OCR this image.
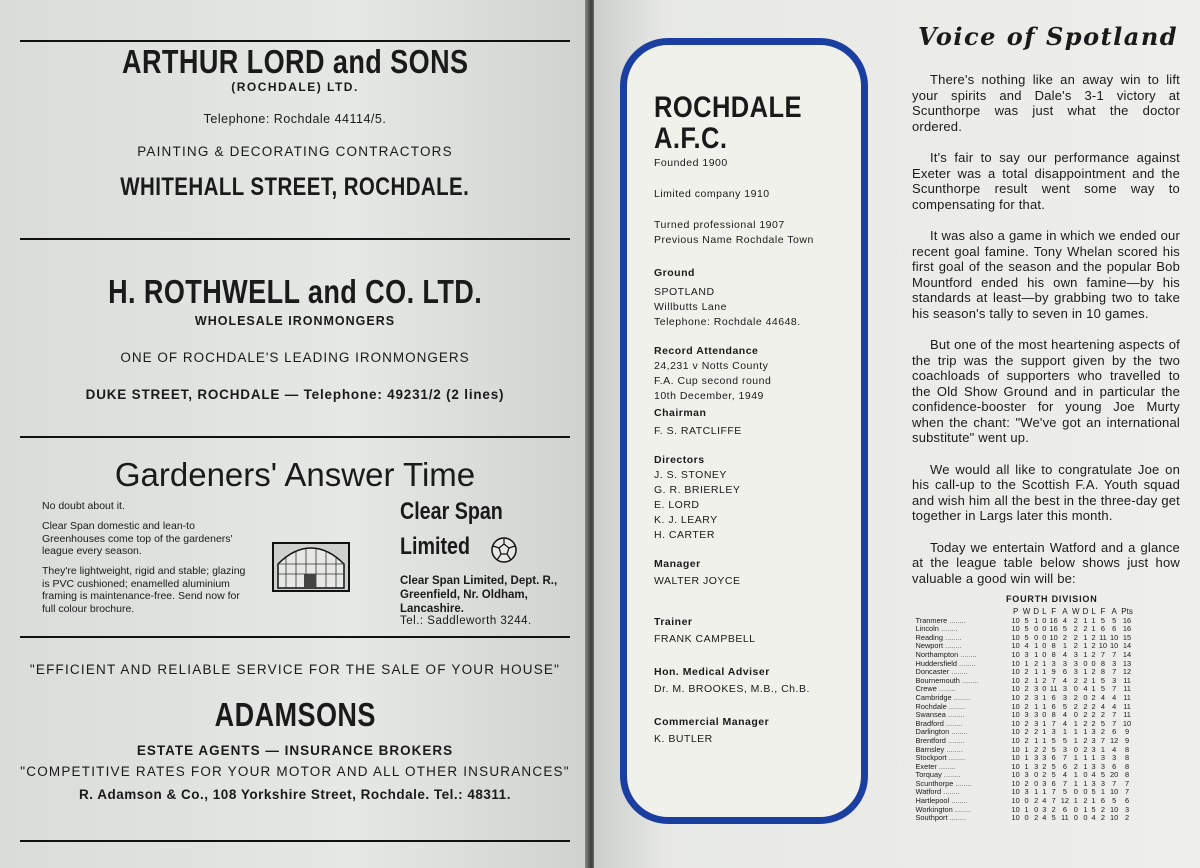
ARTHUR LORD and SONS
(ROCHDALE) LTD.
Telephone: Rochdale 44114/5.
PAINTING & DECORATING CONTRACTORS
WHITEHALL STREET, ROCHDALE.
H. ROTHWELL and CO. LTD.
WHOLESALE IRONMONGERS
ONE OF ROCHDALE'S LEADING IRONMONGERS
DUKE STREET, ROCHDALE — Telephone: 49231/2 (2 lines)
Gardeners' Answer Time
No doubt about it.
Clear Span domestic and lean-to Greenhouses come top of the gardeners' league every season.
They're lightweight, rigid and stable; glazing is PVC cushioned; enamelled aluminium framing is maintenance-free. Send now for full colour brochure.
Clear Span
Limited
Clear Span Limited, Dept. R., Greenfield, Nr. Oldham, Lancashire.
Tel.: Saddleworth 3244.
"EFFICIENT AND RELIABLE SERVICE FOR THE SALE OF YOUR HOUSE"
ADAMSONS
ESTATE AGENTS — INSURANCE BROKERS
"COMPETITIVE RATES FOR YOUR MOTOR AND ALL OTHER INSURANCES"
R. Adamson & Co., 108 Yorkshire Street, Rochdale. Tel.: 48311.
ROCHDALE
A.F.C.
Founded 1900
Limited company 1910
Turned professional 1907
Previous Name Rochdale Town
Ground
SPOTLAND
Willbutts Lane
Telephone: Rochdale 44648.
Record Attendance
24,231 v Notts County
F.A. Cup second round
10th December, 1949
Chairman
F. S. RATCLIFFE
Directors
J. S. STONEY
G. R. BRIERLEY
E. LORD
K. J. LEARY
H. CARTER
Manager
WALTER JOYCE
Trainer
FRANK CAMPBELL
Hon. Medical Adviser
Dr. M. BROOKES, M.B., Ch.B.
Commercial Manager
K. BUTLER
Voice of Spotland

There's nothing like an away win to lift your spirits and Dale's 3-1 victory at Scunthorpe was just what the doctor ordered.

It's fair to say our performance against Exeter was a total disappointment and the Scunthorpe result went some way to compensating for that.

It was also a game in which we ended our recent goal famine. Tony Whelan scored his first goal of the season and the popular Bob Mountford ended his own famine—by his standards at least—by grabbing two to take his season's tally to seven in 10 games.

But one of the most heartening aspects of the trip was the support given by the two coachloads of supporters who travelled to the Old Show Ground and in particular the confidence-booster for young Joe Murty when the chant: "We've got an international substitute" went up.

We would all like to congratulate Joe on his call-up to the Scottish F.A. Youth squad and wish him all the best in the three-day get together in Largs later this month.

Today we entertain Watford and a glance at the league table below shows just how valuable a good win will be:

FOURTH DIVISION
	P	W	D	L	F	A	W	D	L	F	A	Pts
Tranmere .....	10	5	1	0	16	4	2	1	1	5	5	16
Lincoln .....	10	5	0	0	16	5	2	2	1	6	6	16
Reading .....	10	5	0	0	10	2	2	1	2	11	10	15
Newport .....	10	4	1	0	8	1	2	1	2	10	10	14
Northampton .....	10	3	1	0	8	4	3	1	2	7	7	14
Huddersfield .....	10	1	2	1	3	3	3	0	0	8	3	13
Doncaster .....	10	2	1	1	9	6	3	1	2	8	7	12
Bournemouth .....	10	2	1	2	7	4	2	2	1	5	3	11
Crewe .....	10	2	3	0	11	3	0	4	1	5	7	11
Cambridge .....	10	2	3	1	6	3	2	0	2	4	4	11
Rochdale .....	10	2	1	1	6	5	2	2	2	4	4	11
Swansea .....	10	3	3	0	8	4	0	2	2	2	7	11
Bradford .....	10	2	3	1	7	4	1	2	2	5	7	10
Darlington .....	10	2	2	1	3	1	1	1	3	2	6	9
Brentford .....	10	2	1	1	5	5	1	2	3	7	12	9
Barnsley .....	10	1	2	2	5	3	0	2	3	1	4	8
Stockport .....	10	1	3	3	6	7	1	1	1	3	3	8
Exeter .....	10	1	3	2	5	6	2	1	3	3	6	8
Torquay .....	10	3	0	2	5	4	1	0	4	5	20	8
Scunthorpe .....	10	2	0	3	6	7	1	1	3	3	7	7
Watford .....	10	3	1	1	7	5	0	0	5	1	10	7
Hartlepool .....	10	0	2	4	7	12	1	2	1	6	5	6
Workington .....	10	1	0	3	2	6	0	1	5	2	10	3
Southport .....	10	0	2	4	5	11	0	0	4	2	10	2
